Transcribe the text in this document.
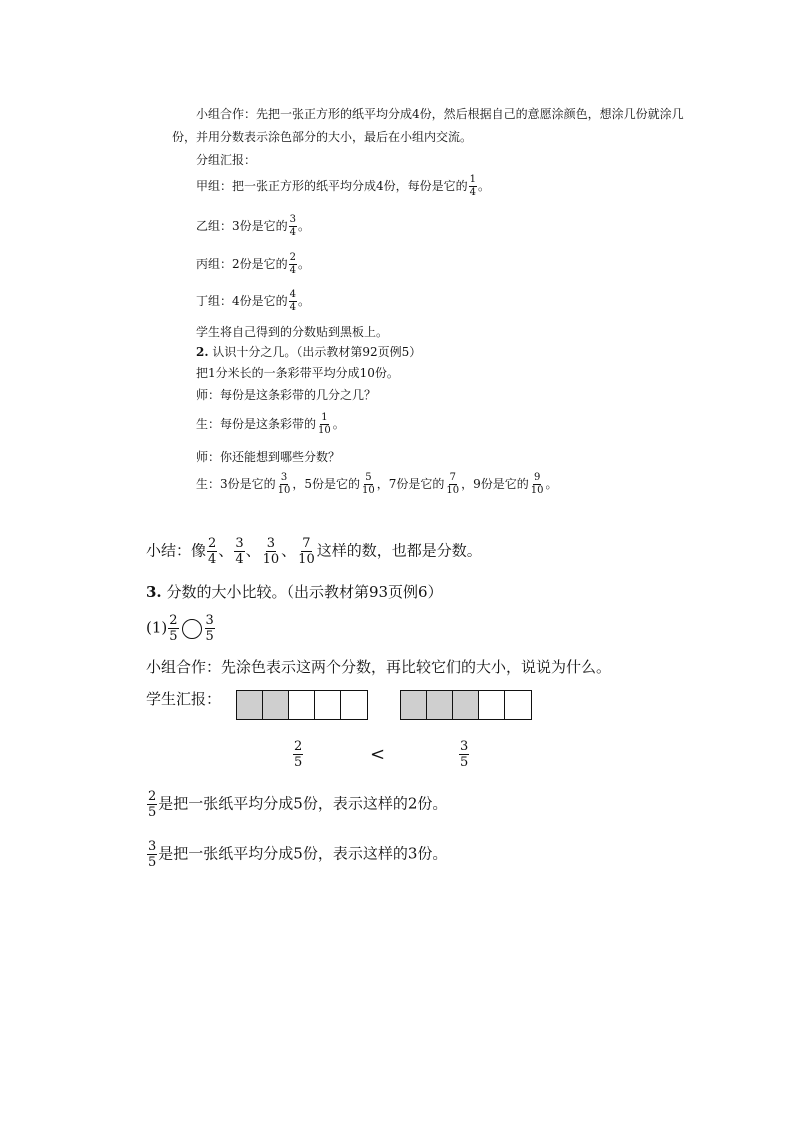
小组合作：先把一张正方形的纸平均分成4份，然后根据自己的意愿涂颜色，想涂几份就涂几
份，并用分数表示涂色部分的大小，最后在小组内交流。
分组汇报：
甲组：把一张正方形的纸平均分成4份，每份是它的 $\frac{1}{4}$ 。
乙组：3份是它的 $\frac{3}{4}$ 。
丙组：2份是它的 $\frac{2}{4}$ 。
丁组：4份是它的 $\frac{4}{4}$ 。
学生将自己得到的分数贴到黑板上。
2. 认识十分之几。（出示教材第92页例5）
把1分米长的一条彩带平均分成10份。
师：每份是这条彩带的几分之几？
生：每份是这条彩带的 $\frac{1}{10}$ 。
师：你还能想到哪些分数？
生：3份是它的 $\frac{3}{10}$ ，5份是它的 $\frac{5}{10}$ ，7份是它的 $\frac{7}{10}$ ，9份是它的 $\frac{9}{10}$ 。
小结：像 $\frac{2}{4}$ 、 $\frac{3}{4}$ 、 $\frac{3}{10}$ 、 $\frac{7}{10}$ 这样的数，也都是分数。
3. 分数的大小比较。（出示教材第93页例6）
$(1) \frac{2}{5} \frac{3}{5}$
小组合作：先涂色表示这两个分数，再比较它们的大小，说说为什么。
学生汇报：
$\frac{2}{5}$	<	$\frac{3}{5}$
$\frac{2}{5}$ 是把一张纸平均分成5份，表示这样的2份。
$\frac{3}{5}$ 是把一张纸平均分成5份，表示这样的3份。
